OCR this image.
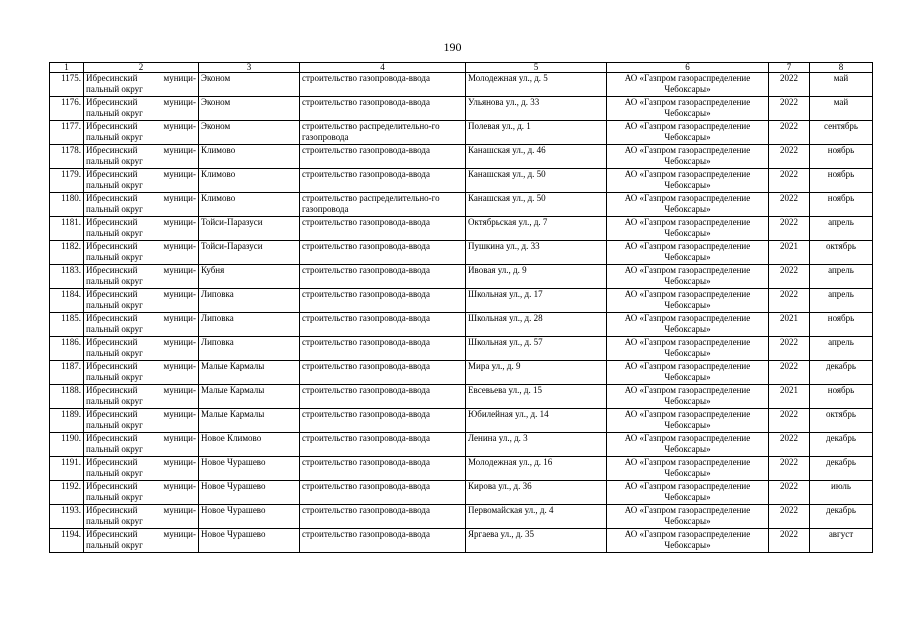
190
1	2	3	4	5	6	7	8
1175.	Ибресинский муници-пальный округ	Эконом	строительство газопровода-ввода	Молодежная ул., д. 5	АО «Газпром газораспределение Чебоксары»	2022	май
1176.	Ибресинский муници-пальный округ	Эконом	строительство газопровода-ввода	Ульянова ул., д. 33	АО «Газпром газораспределение Чебоксары»	2022	май
1177.	Ибресинский муници-пальный округ	Эконом	строительство распределительно-го газопровода	Полевая ул., д. 1	АО «Газпром газораспределение Чебоксары»	2022	сентябрь
1178.	Ибресинский муници-пальный округ	Климово	строительство газопровода-ввода	Канашская ул., д. 46	АО «Газпром газораспределение Чебоксары»	2022	ноябрь
1179.	Ибресинский муници-пальный округ	Климово	строительство газопровода-ввода	Канашская ул., д. 50	АО «Газпром газораспределение Чебоксары»	2022	ноябрь
1180.	Ибресинский муници-пальный округ	Климово	строительство распределительно-го газопровода	Канашская ул., д. 50	АО «Газпром газораспределение Чебоксары»	2022	ноябрь
1181.	Ибресинский муници-пальный округ	Тойси-Паразуси	строительство газопровода-ввода	Октябрьская ул., д. 7	АО «Газпром газораспределение Чебоксары»	2022	апрель
1182.	Ибресинский муници-пальный округ	Тойси-Паразуси	строительство газопровода-ввода	Пушкина ул., д. 33	АО «Газпром газораспределение Чебоксары»	2021	октябрь
1183.	Ибресинский муници-пальный округ	Кубня	строительство газопровода-ввода	Ивовая ул., д. 9	АО «Газпром газораспределение Чебоксары»	2022	апрель
1184.	Ибресинский муници-пальный округ	Липовка	строительство газопровода-ввода	Школьная ул., д. 17	АО «Газпром газораспределение Чебоксары»	2022	апрель
1185.	Ибресинский муници-пальный округ	Липовка	строительство газопровода-ввода	Школьная ул., д. 28	АО «Газпром газораспределение Чебоксары»	2021	ноябрь
1186.	Ибресинский муници-пальный округ	Липовка	строительство газопровода-ввода	Школьная ул., д. 57	АО «Газпром газораспределение Чебоксары»	2022	апрель
1187.	Ибресинский муници-пальный округ	Малые Кармалы	строительство газопровода-ввода	Мира ул., д. 9	АО «Газпром газораспределение Чебоксары»	2022	декабрь
1188.	Ибресинский муници-пальный округ	Малые Кармалы	строительство газопровода-ввода	Евсевьева ул., д. 15	АО «Газпром газораспределение Чебоксары»	2021	ноябрь
1189.	Ибресинский муници-пальный округ	Малые Кармалы	строительство газопровода-ввода	Юбилейная ул., д. 14	АО «Газпром газораспределение Чебоксары»	2022	октябрь
1190.	Ибресинский муници-пальный округ	Новое Климово	строительство газопровода-ввода	Ленина ул., д. 3	АО «Газпром газораспределение Чебоксары»	2022	декабрь
1191.	Ибресинский муници-пальный округ	Новое Чурашево	строительство газопровода-ввода	Молодежная ул., д. 16	АО «Газпром газораспределение Чебоксары»	2022	декабрь
1192.	Ибресинский муници-пальный округ	Новое Чурашево	строительство газопровода-ввода	Кирова ул., д. 36	АО «Газпром газораспределение Чебоксары»	2022	июль
1193.	Ибресинский муници-пальный округ	Новое Чурашево	строительство газопровода-ввода	Первомайская ул., д. 4	АО «Газпром газораспределение Чебоксары»	2022	декабрь
1194.	Ибресинский муници-пальный округ	Новое Чурашево	строительство газопровода-ввода	Яргаева ул., д. 35	АО «Газпром газораспределение Чебоксары»	2022	август
